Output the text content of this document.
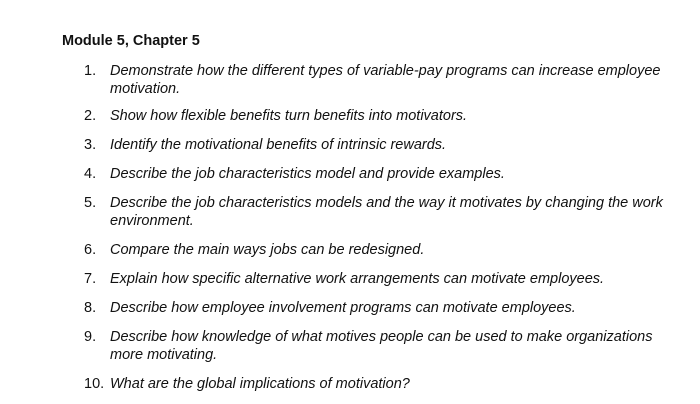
Module 5, Chapter 5
1. Demonstrate how the different types of variable-pay programs can increase employee motivation.
2. Show how flexible benefits turn benefits into motivators.
3. Identify the motivational benefits of intrinsic rewards.
4. Describe the job characteristics model and provide examples.
5. Describe the job characteristics models and the way it motivates by changing the work environment.
6. Compare the main ways jobs can be redesigned.
7. Explain how specific alternative work arrangements can motivate employees.
8. Describe how employee involvement programs can motivate employees.
9. Describe how knowledge of what motives people can be used to make organizations more motivating.
10. What are the global implications of motivation?
